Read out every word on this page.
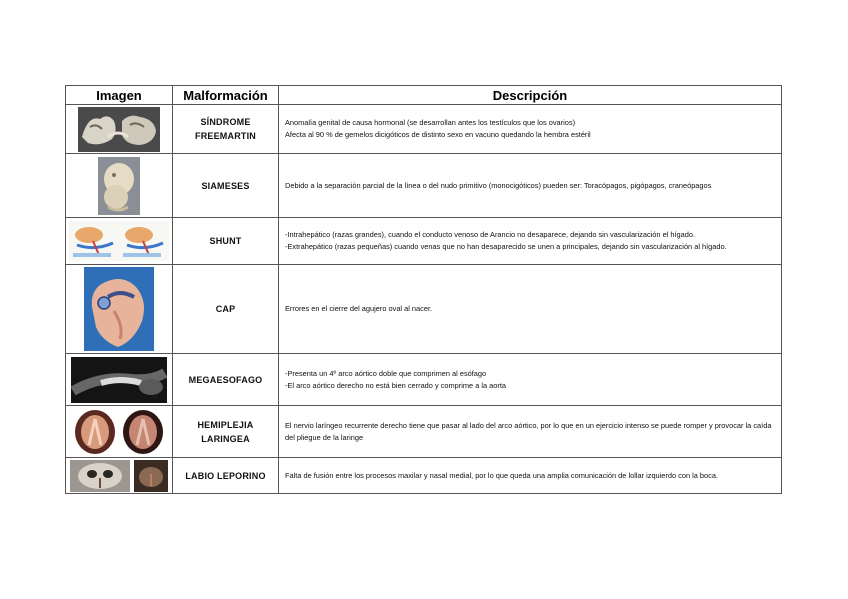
Imagen	Malformación	Descripción

SÍNDROME
FREEMARTIN	Anomalía genital de causa hormonal (se desarrollan antes los testículos que los ovarios)
Afecta al 90 % de gemelos dicigóticos de distinto sexo en vacuno quedando la hembra estéril

SIAMESES	Debido a la separación parcial de la línea o del nudo primitivo (monocigóticos) pueden ser: Toracópagos, pigópagos, craneópagos

SHUNT	-Intrahepático (razas grandes), cuando el conducto venoso de Arancio no desaparece, dejando sin vascularización el hígado.
-Extrahepático (razas pequeñas) cuando venas que no han desaparecido se unen a principales, dejando sin vascularización al hígado.

CAP	Errores en el cierre del agujero oval al nacer.

MEGAESOFAGO	-Presenta un 4º arco aórtico doble que comprimen al esófago
-El arco aórtico derecho no está bien cerrado y comprime a la aorta

HEMIPLEJIA
LARINGEA	El nervio laríngeo recurrente derecho tiene que pasar al lado del arco aórtico, por lo que en un ejercicio intenso se puede romper y provocar la caída del pliegue de la laringe

LABIO LEPORINO	Falta de fusión entre los procesos maxilar y nasal medial, por lo que queda una amplia comunicación de lollar izquierdo con la boca.
